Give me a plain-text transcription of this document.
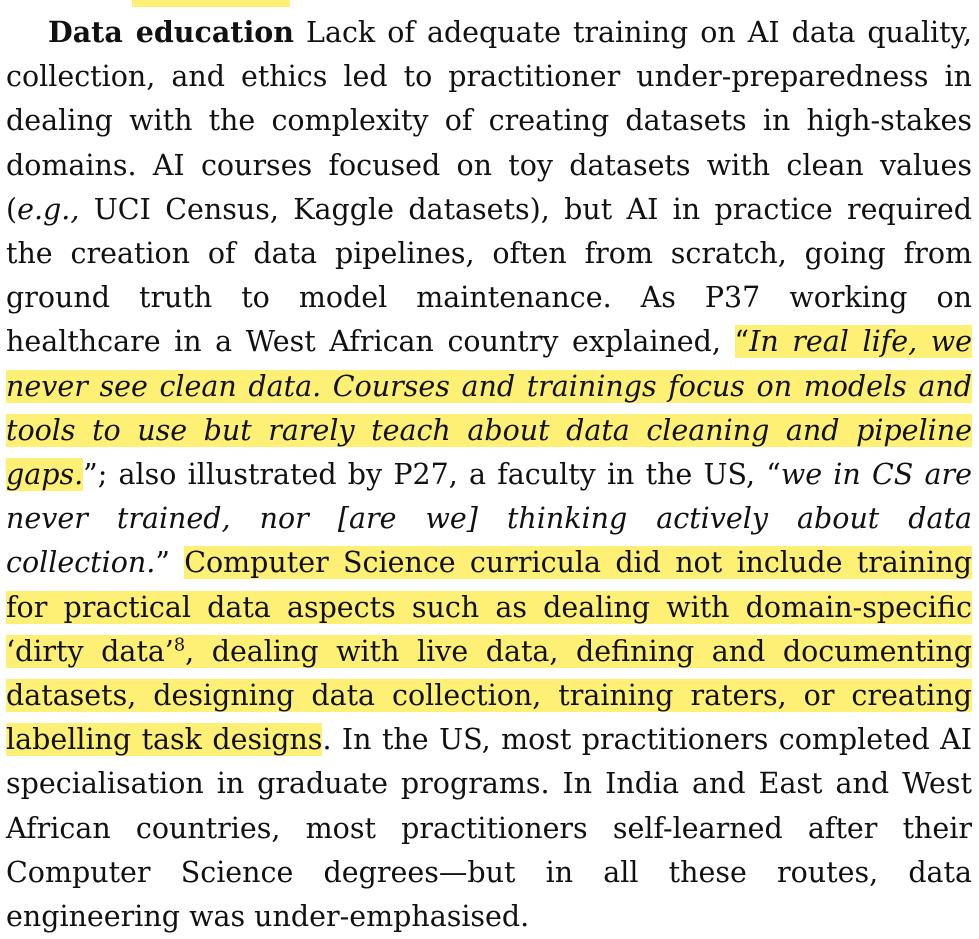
Data education Lack of adequate training on AI data quality, collection, and ethics led to practitioner under-preparedness in dealing with the complexity of creating datasets in high-stakes domains. AI courses focused on toy datasets with clean values (e.g., UCI Census, Kaggle datasets), but AI in practice required the creation of data pipelines, often from scratch, going from ground truth to model maintenance. As P37 working on healthcare in a West African country explained, “In real life, we never see clean data. Courses and trainings focus on models and tools to use but rarely teach about data cleaning and pipeline gaps.”; also illustrated by P27, a faculty in the US, “we in CS are never trained, nor [are we] thinking actively about data collection.” Computer Science curricula did not include training for practical data aspects such as dealing with domain-specific ‘dirty data’$^8$, dealing with live data, defining and documenting datasets, designing data collection, training raters, or creating labelling task designs. In the US, most practitioners completed AI specialisation in graduate programs. In India and East and West African countries, most practitioners self-learned after their Computer Science degrees—but in all these routes, data engineering was under-emphasised.
